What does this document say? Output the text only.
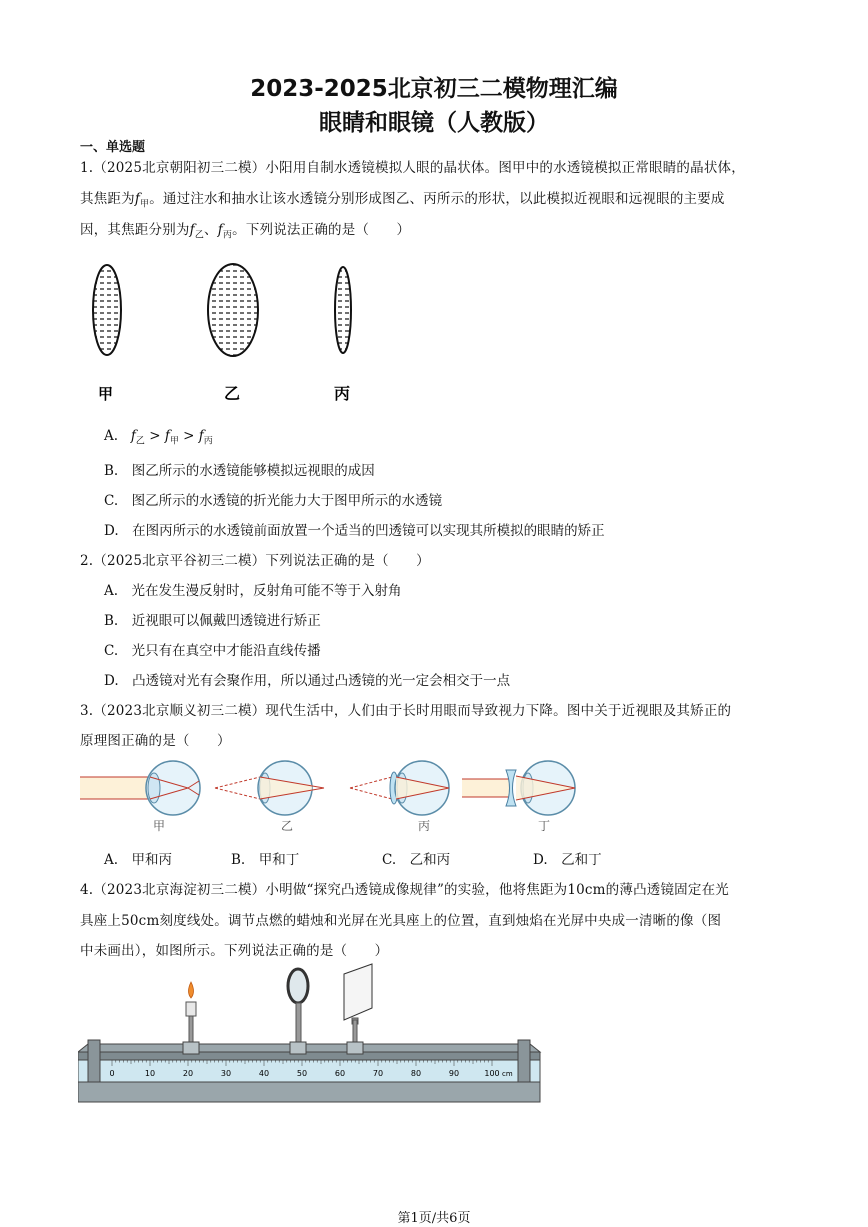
2023-2025北京初三二模物理汇编
眼睛和眼镜（人教版）
一、单选题
1.（2025北京朝阳初三二模）小阳用自制水透镜模拟人眼的晶状体。图甲中的水透镜模拟正常眼睛的晶状体，
其焦距为$f_甲$。通过注水和抽水让该水透镜分别形成图乙、丙所示的形状，以此模拟近视眼和远视眼的主要成
因，其焦距分别为$f_乙$、$f_丙$。下列说法正确的是（　　）
甲	乙	丙
A. $f_乙 > f_甲 > f_丙$
B.　图乙所示的水透镜能够模拟远视眼的成因
C.　图乙所示的水透镜的折光能力大于图甲所示的水透镜
D.　在图丙所示的水透镜前面放置一个适当的凹透镜可以实现其所模拟的眼睛的矫正
2.（2025北京平谷初三二模）下列说法正确的是（　　）
A.　光在发生漫反射时，反射角可能不等于入射角
B.　近视眼可以佩戴凹透镜进行矫正
C.　光只有在真空中才能沿直线传播
D.　凸透镜对光有会聚作用，所以通过凸透镜的光一定会相交于一点
3.（2023北京顺义初三二模）现代生活中，人们由于长时用眼而导致视力下降。图中关于近视眼及其矫正的
原理图正确的是（　　）
甲	乙	丙	丁
A.　甲和丙	B.　甲和丁	C.　乙和丙	D.　乙和丁
4.（2023北京海淀初三二模）小明做“探究凸透镜成像规律”的实验，他将焦距为10cm的薄凸透镜固定在光
具座上50cm刻度线处。调节点燃的蜡烛和光屏在光具座上的位置，直到烛焰在光屏中央成一清晰的像（图
中未画出），如图所示。下列说法正确的是（　　）
0	10	20	30	40	50	60	70	80	90	100 cm
第1页/共6页
